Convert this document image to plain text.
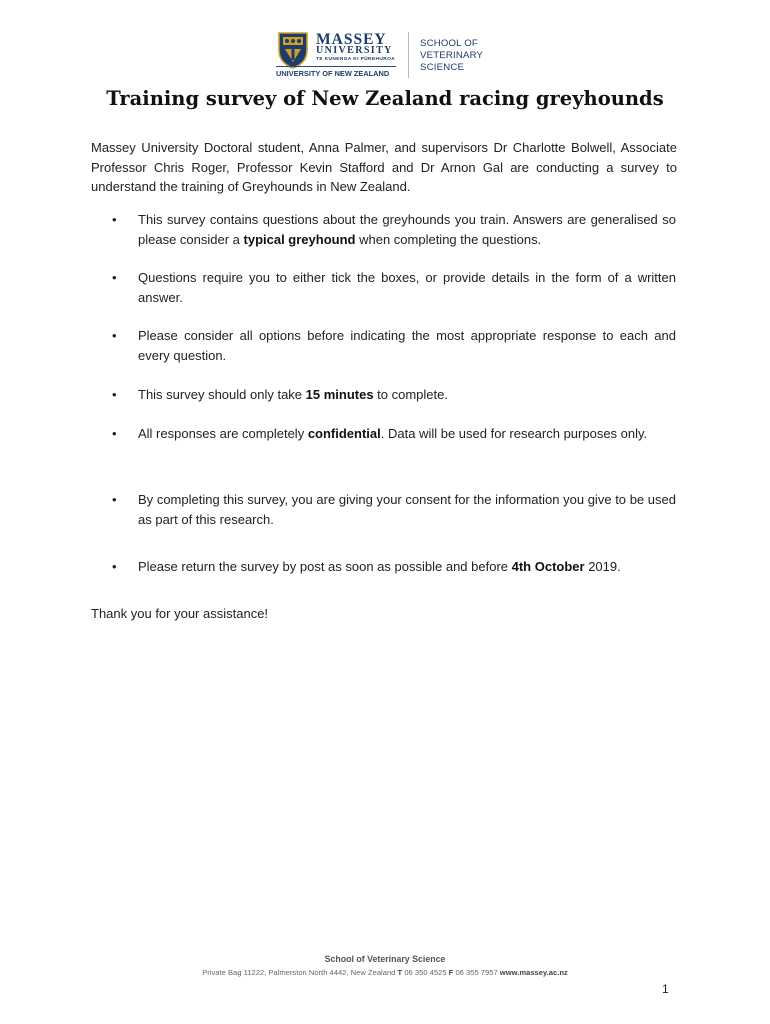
MASSEY
UNIVERSITY
TE KUNENGA KI PŪREHUROA
UNIVERSITY OF NEW ZEALAND
SCHOOL OF
VETERINARY
SCIENCE
Training survey of New Zealand racing greyhounds
Massey University Doctoral student, Anna Palmer, and supervisors Dr Charlotte Bolwell, Associate Professor Chris Roger, Professor Kevin Stafford and Dr Arnon Gal are conducting a survey to understand the training of Greyhounds in New Zealand.
•	This survey contains questions about the greyhounds you train. Answers are generalised so please consider a typical greyhound when completing the questions.
•	Questions require you to either tick the boxes, or provide details in the form of a written answer.
•	Please consider all options before indicating the most appropriate response to each and every question.
•	This survey should only take 15 minutes to complete.
•	All responses are completely confidential. Data will be used for research purposes only.
•	By completing this survey, you are giving your consent for the information you give to be used as part of this research.
•	Please return the survey by post as soon as possible and before 4th October 2019.
Thank you for your assistance!
School of Veterinary Science
Private Bag 11222, Palmerston North 4442, New Zealand T 06 350 4525 F 06 355 7957 www.massey.ac.nz
1
